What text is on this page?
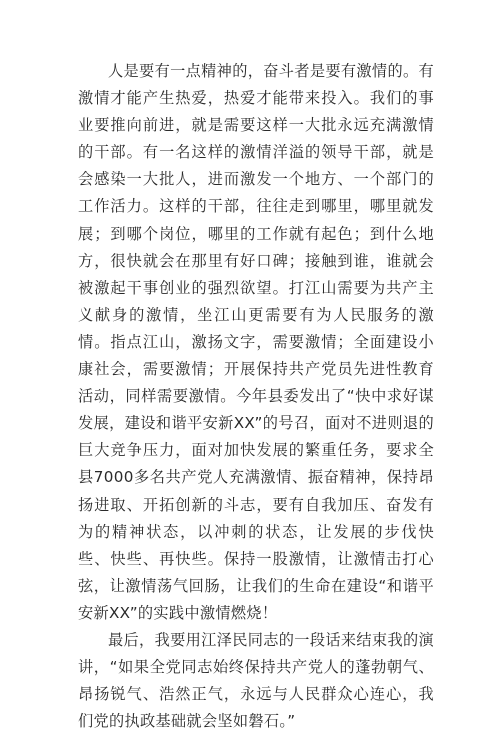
人是要有一点精神的，奋斗者是要有激情的。有激情才能产生热爱，热爱才能带来投入。我们的事业要推向前进，就是需要这样一大批永远充满激情的干部。有一名这样的激情洋溢的领导干部，就是会感染一大批人，进而激发一个地方、一个部门的工作活力。这样的干部，往往走到哪里，哪里就发展；到哪个岗位，哪里的工作就有起色；到什么地方，很快就会在那里有好口碑；接触到谁，谁就会被激起干事创业的强烈欲望。打江山需要为共产主义献身的激情，坐江山更需要有为人民服务的激情。指点江山，激扬文字，需要激情；全面建设小康社会，需要激情；开展保持共产党员先进性教育活动，同样需要激情。今年县委发出了“快中求好谋发展，建设和谐平安新XX”的号召，面对不进则退的巨大竞争压力，面对加快发展的繁重任务，要求全县7000多名共产党人充满激情、振奋精神，保持昂扬进取、开拓创新的斗志，要有自我加压、奋发有为的精神状态，以冲刺的状态，让发展的步伐快些、快些、再快些。保持一股激情，让激情击打心弦，让激情荡气回肠，让我们的生命在建设“和谐平安新XX”的实践中激情燃烧！

最后，我要用江泽民同志的一段话来结束我的演讲，“如果全党同志始终保持共产党人的蓬勃朝气、昂扬锐气、浩然正气，永远与人民群众心连心，我们党的执政基础就会坚如磐石。”
